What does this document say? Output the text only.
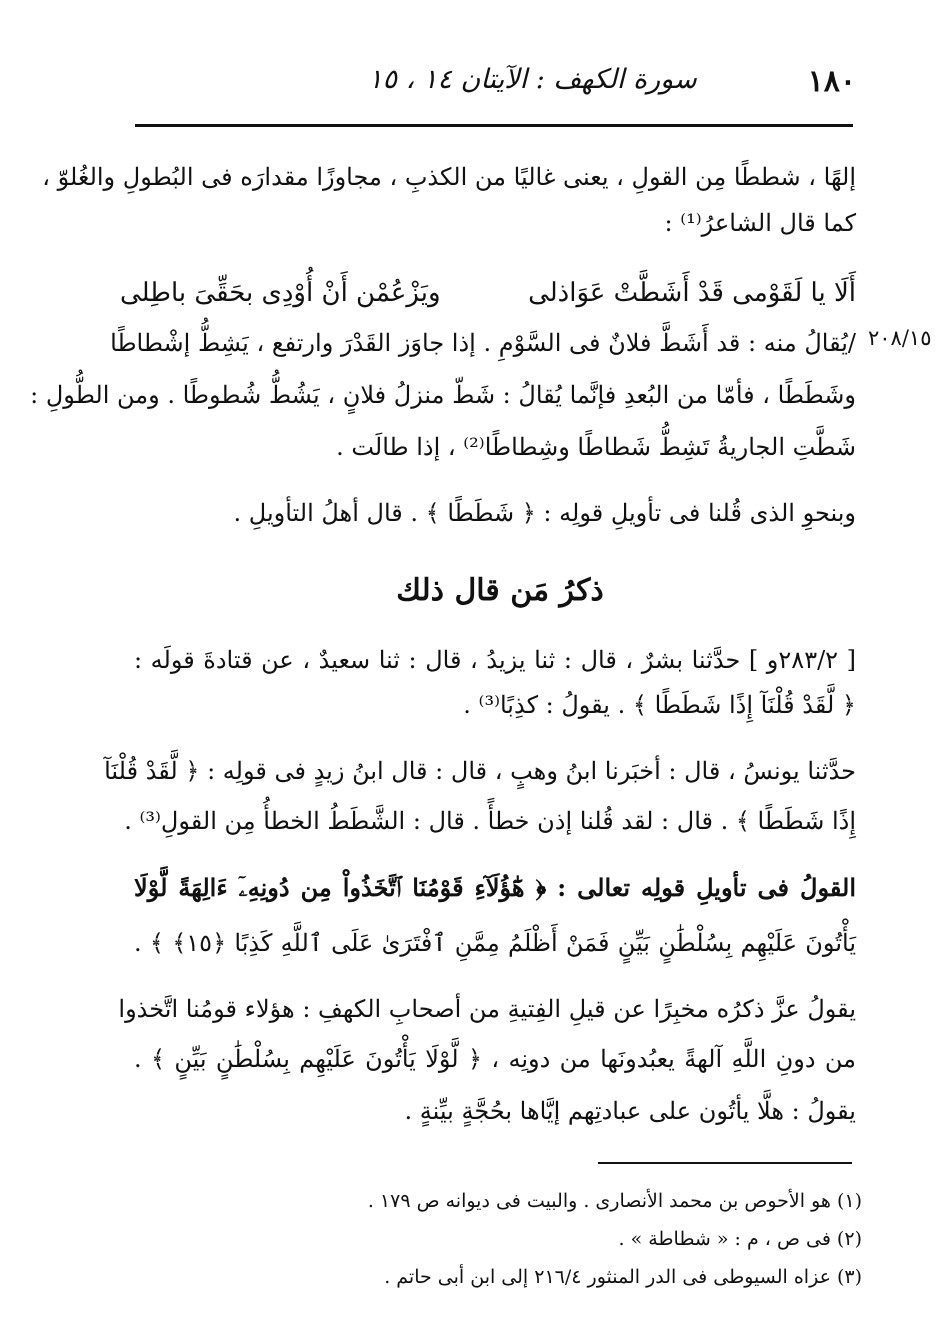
١٨٠
سورة الكهف : الآيتان ١٤ ، ١٥
إلهًا ، شططًا مِن القولِ ، يعنى غاليًا من الكذبِ ، مجاوزًا مقدارَه فى البُطولِ والغُلوّ ،
كما قال الشاعرُ⁽¹⁾ :
أَلَا يا لَقَوْمى قَدْ أَشَطَّتْ عَوَاذلى
ويَزْعُمْن أَنْ أُوْدِى بحَقِّىَ باطِلى
٢٠٨/١٥
/يُقالُ منه : قد أَشَطَّ فلانٌ فى السَّوْمِ . إذا جاوَز القَدْرَ وارتفع ، يَشِطُّ إشْطاطًا
وشَطَطًا ، فأمّا من البُعدِ فإنَّما يُقالُ : شَطّ منزلُ فلانٍ ، يَشُطُّ شُطوطًا . ومن الطُّولِ :
شَطَّتِ الجاريةُ تَشِطُّ شَطاطًا وشِطاطًا⁽²⁾ ، إذا طالَت .
وبنحوِ الذى قُلنا فى تأويلِ قولِه : ﴿ شَطَطًا ﴾ . قال أهلُ التأويلِ .
ذكرُ مَن قال ذلك
[ ٢٨٣/٢و ] حدَّثنا بشرٌ ، قال : ثنا يزيدُ ، قال : ثنا سعيدٌ ، عن قتادةَ قولَه :
﴿ لَّقَدْ قُلْنَآ إِذًا شَطَطًا ﴾ . يقولُ : كذِبًا⁽³⁾ .
حدَّثنا يونسُ ، قال : أخبَرنا ابنُ وهبٍ ، قال : قال ابنُ زيدٍ فى قولِه : ﴿ لَّقَدْ قُلْنَآ
إِذًا شَطَطًا ﴾ . قال : لقد قُلنا إذن خطأً . قال : الشَّطَطُ الخطأُ مِن القولِ⁽³⁾ .
القولُ فى تأويلِ قولِه تعالى : ﴿ هَٰٓؤُلَآءِ قَوْمُنَا ٱتَّخَذُواْ مِن دُونِهِۦٓ ءَالِهَةً لَّوْلَا
يَأْتُونَ عَلَيْهِم بِسُلْطَٰنٍ بَيِّنٍ فَمَنْ أَظْلَمُ مِمَّنِ ٱفْتَرَىٰ عَلَى ٱللَّهِ كَذِبًا ﴿١٥﴾ ﴾ .
يقولُ عزَّ ذكرُه مخبِرًا عن قيلِ الفِتيةِ من أصحابِ الكهفِ : هؤلاء قومُنا اتَّخذوا
من دونِ اللَّهِ آلهةً يعبُدونَها من دونِه ، ﴿ لَّوْلَا يَأْتُونَ عَلَيْهِم بِسُلْطَٰنٍ بَيِّنٍ ﴾ .
يقولُ : هلَّا يأتُون على عبادتِهم إيَّاها بحُجَّةٍ بيِّنةٍ .
(١) هو الأحوص بن محمد الأنصارى . والبيت فى ديوانه ص ١٧٩ .
(٢) فى ص ، م : « شطاطة » .
(٣) عزاه السيوطى فى الدر المنثور ٢١٦/٤ إلى ابن أبى حاتم .
